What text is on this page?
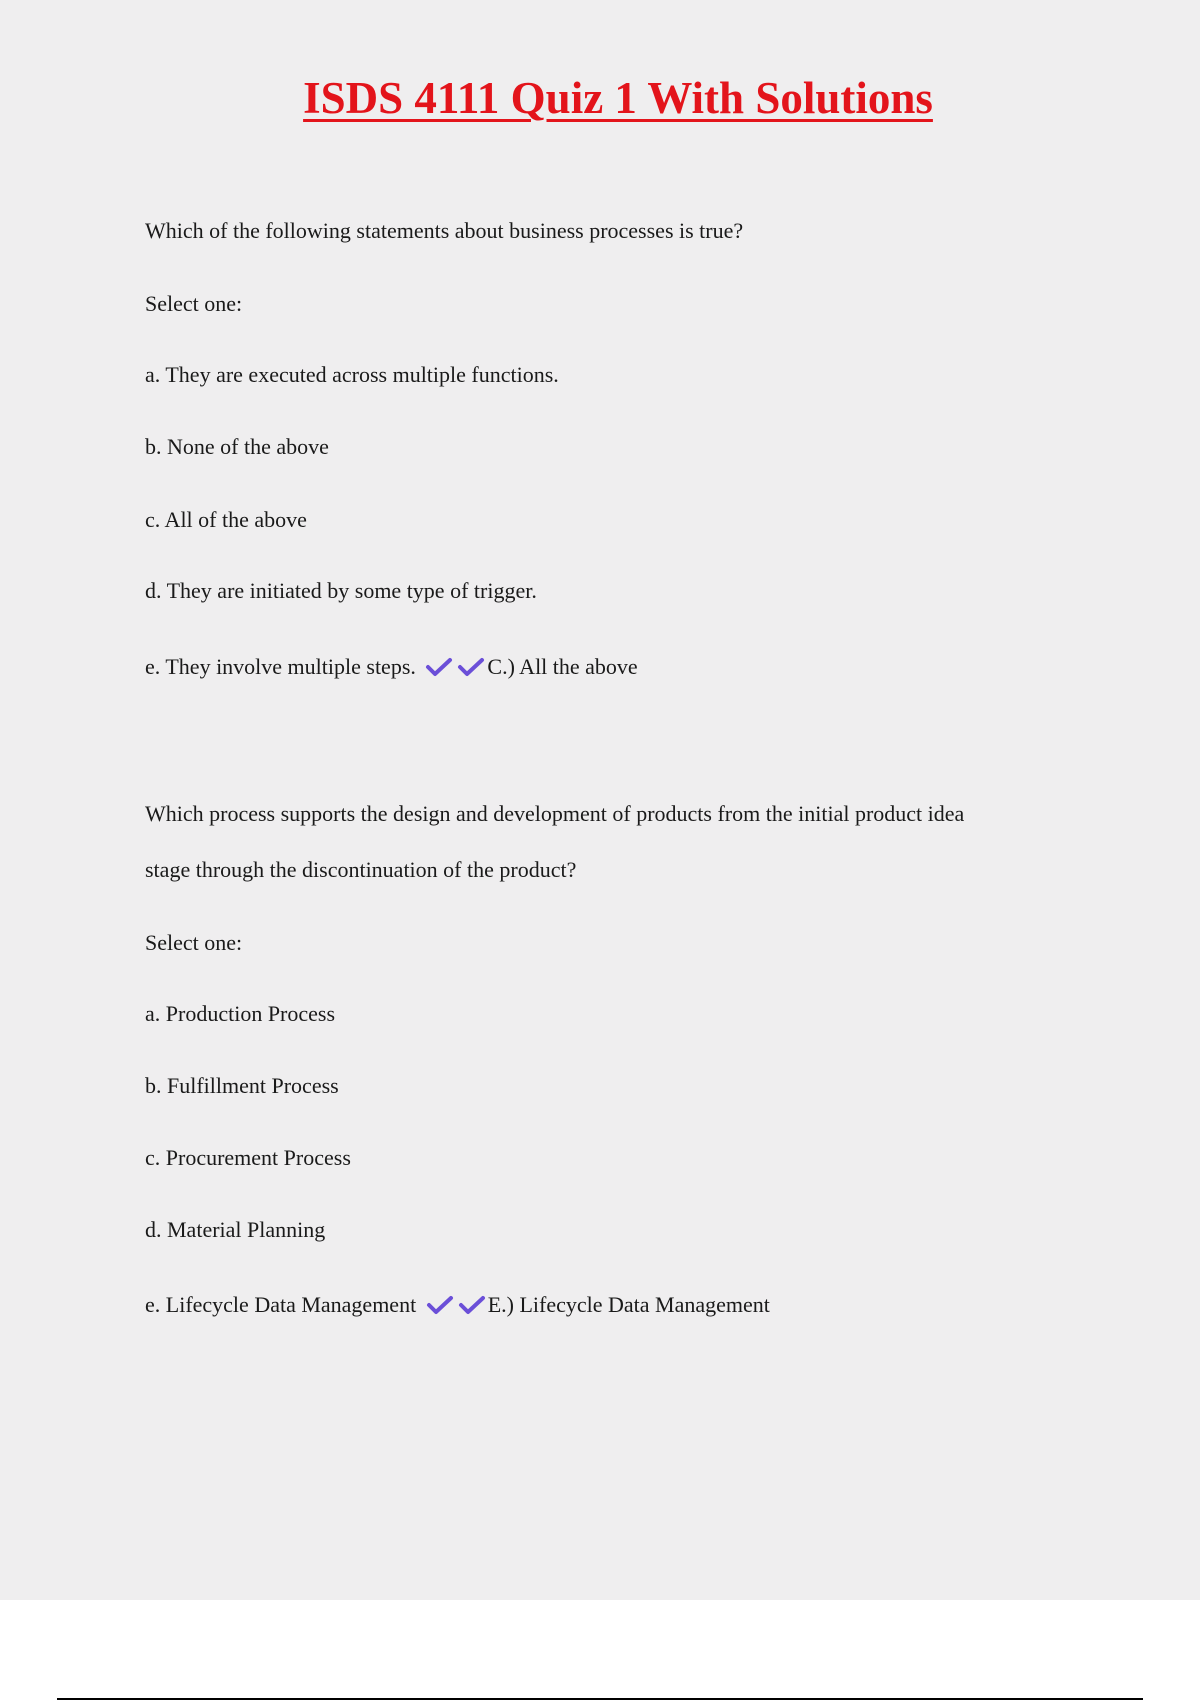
ISDS 4111 Quiz 1 With Solutions
Which of the following statements about business processes is true?
Select one:
a. They are executed across multiple functions.
b. None of the above
c. All of the above
d. They are initiated by some type of trigger.
e. They involve multiple steps.	C.) All the above
Which process supports the design and development of products from the initial product idea
stage through the discontinuation of the product?
Select one:
a. Production Process
b. Fulfillment Process
c. Procurement Process
d. Material Planning
e. Lifecycle Data Management	E.) Lifecycle Data Management
